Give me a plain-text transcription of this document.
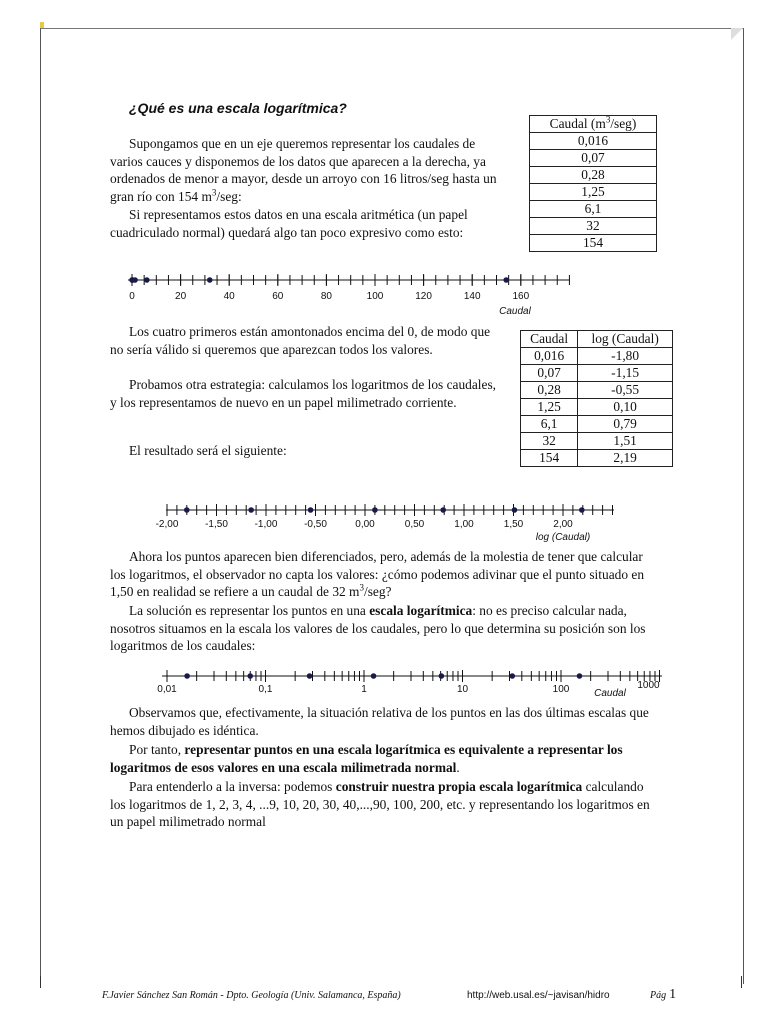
¿Qué es una escala logarítmica?

Supongamos que en un eje queremos representar los caudales de varios cauces y disponemos de los datos que aparecen a la derecha, ya ordenados de menor a mayor, desde un arroyo con 16 litros/seg hasta un gran río con 154 $m^3$/seg:

Si representamos estos datos en una escala aritmética (un papel cuadriculado normal) quedará algo tan poco expresivo como esto:

Caudal $(m^3/seg)$
0,016
0,07
0,28
1,25
6,1
32
154
0	20	40	60	80	100	120	140	160
Caudal

Los cuatro primeros están amontonados encima del 0, de modo que no sería válido si queremos que aparezcan todos los valores.

Probamos otra estrategia: calculamos los logaritmos de los caudales, y los representamos de nuevo en un papel milimetrado corriente.

El resultado será el siguiente:

Caudal	log (Caudal)
0,016	-1,80
0,07	-1,15
0,28	-0,55
1,25	0,10
6,1	0,79
32	1,51
154	2,19
-2,00	-1,50	-1,00	-0,50	0,00	0,50	1,00	1,50	2,00
log (Caudal)

Ahora los puntos aparecen bien diferenciados, pero, además de la molestia de tener que calcular los logaritmos, el observador no capta los valores: ¿cómo podemos adivinar que el punto situado en 1,50 en realidad se refiere a un caudal de 32 $m^3$/seg?

La solución es representar los puntos en una escala logarítmica: no es preciso calcular nada, nosotros situamos en la escala los valores de los caudales, pero lo que determina su posición son los logaritmos de los caudales:

0,01	0,1	1	10	100	1000
Caudal

Observamos que, efectivamente, la situación relativa de los puntos en las dos últimas escalas que hemos dibujado es idéntica.

Por tanto, representar puntos en una escala logarítmica es equivalente a representar los logaritmos de esos valores en una escala milimetrada normal.

Para entenderlo a la inversa: podemos construir nuestra propia escala logarítmica calculando los logaritmos de 1, 2, 3, 4, ...9, 10, 20, 30, 40,...,90, 100, 200, etc. y representando los logaritmos en un papel milimetrado normal

F.Javier Sánchez San Román - Dpto. Geología (Univ. Salamanca, España)	http://web.usal.es/~javisan/hidro	Pág 1
